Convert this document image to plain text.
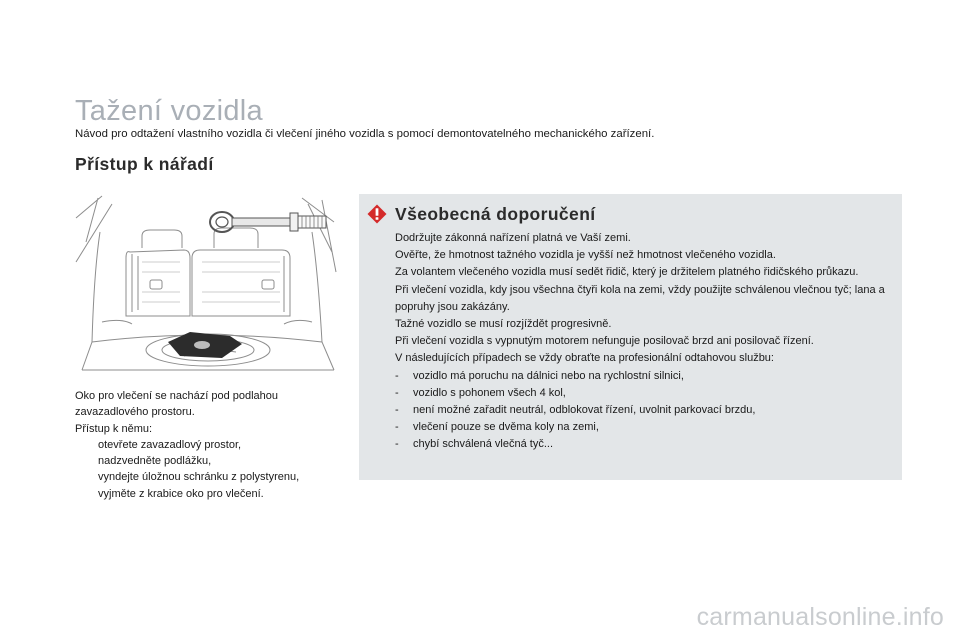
Tažení vozidla

Návod pro odtažení vlastního vozidla či vlečení jiného vozidla s pomocí demontovatelného mechanického zařízení.

Přístup k nářadí

Oko pro vlečení se nachází pod podlahou zavazadlového prostoru.

Přístup k němu:

otevřete zavazadlový prostor,
nadzvedněte podlážku,
vyndejte úložnou schránku z polystyrenu,
vyjměte z krabice oko pro vlečení.
Všeobecná doporučení

Dodržujte zákonná nařízení platná ve Vaší zemi.

Ověřte, že hmotnost tažného vozidla je vyšší než hmotnost vlečeného vozidla.

Za volantem vlečeného vozidla musí sedět řidič, který je držitelem platného řidičského průkazu.

Při vlečení vozidla, kdy jsou všechna čtyři kola na zemi, vždy použijte schválenou vlečnou tyč; lana a popruhy jsou zakázány.

Tažné vozidlo se musí rozjíždět progresivně.

Při vlečení vozidla s vypnutým motorem nefunguje posilovač brzd ani posilovač řízení.

V následujících případech se vždy obraťte na profesionální odtahovou službu:

- vozidlo má poruchu na dálnici nebo na rychlostní silnici,
- vozidlo s pohonem všech 4 kol,
- není možné zařadit neutrál, odblokovat řízení, uvolnit parkovací brzdu,
- vlečení pouze se dvěma koly na zemi,
- chybí schválená vlečná tyč...
carmanualsonline.info
